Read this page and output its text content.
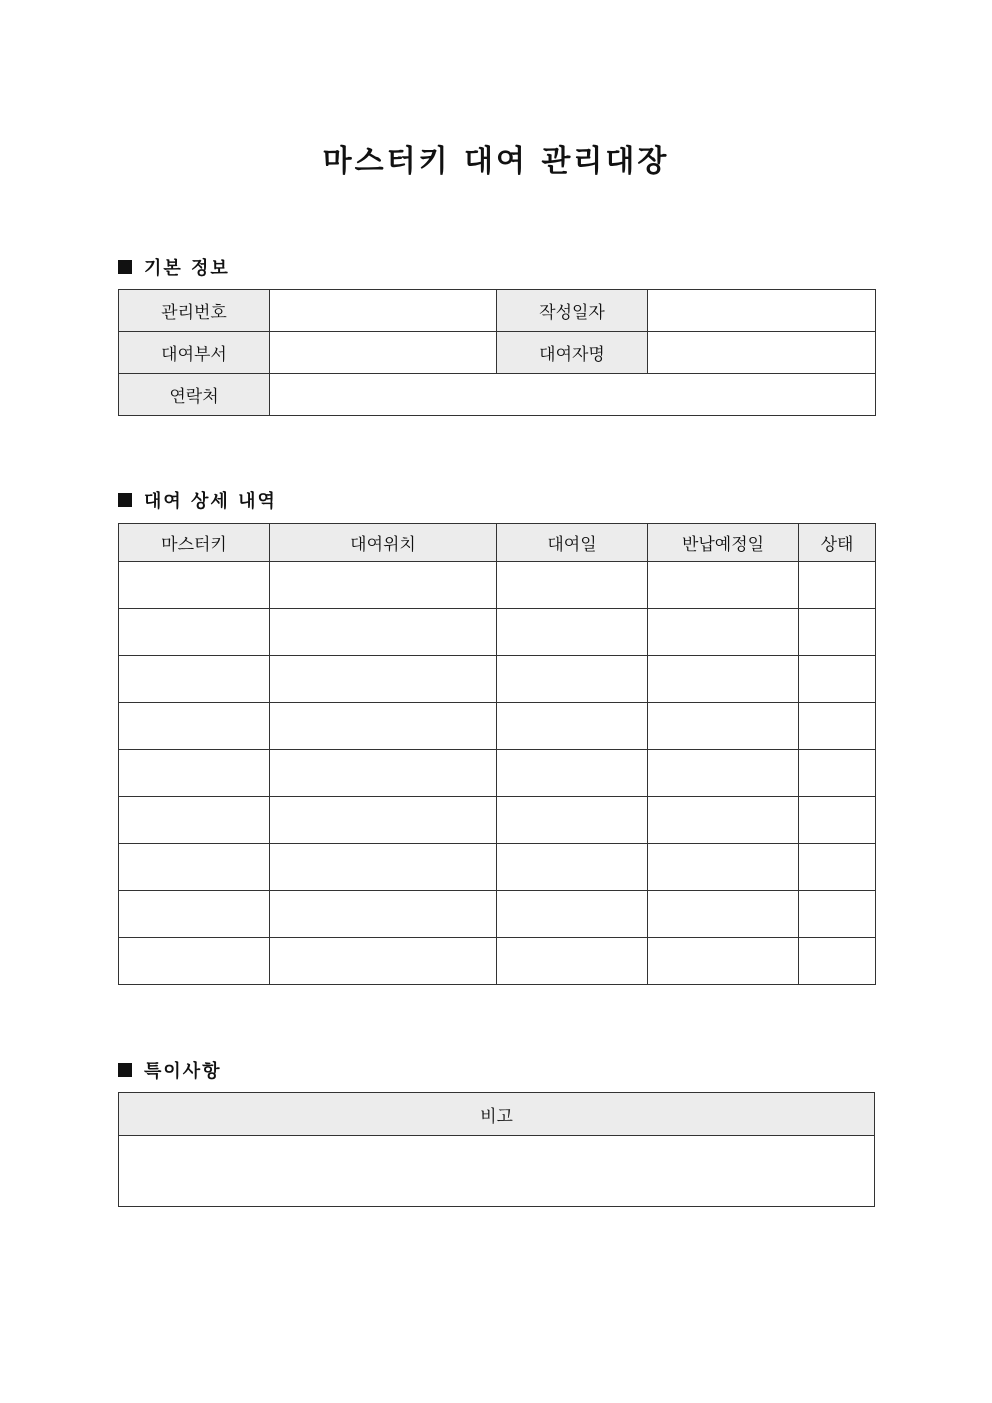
마스터키 대여 관리대장
기본 정보
관리번호		작성일자	
대여부서		대여자명	
연락처			
대여 상세 내역
마스터키	대여위치	대여일	반납예정일	상태

특이사항
비고
